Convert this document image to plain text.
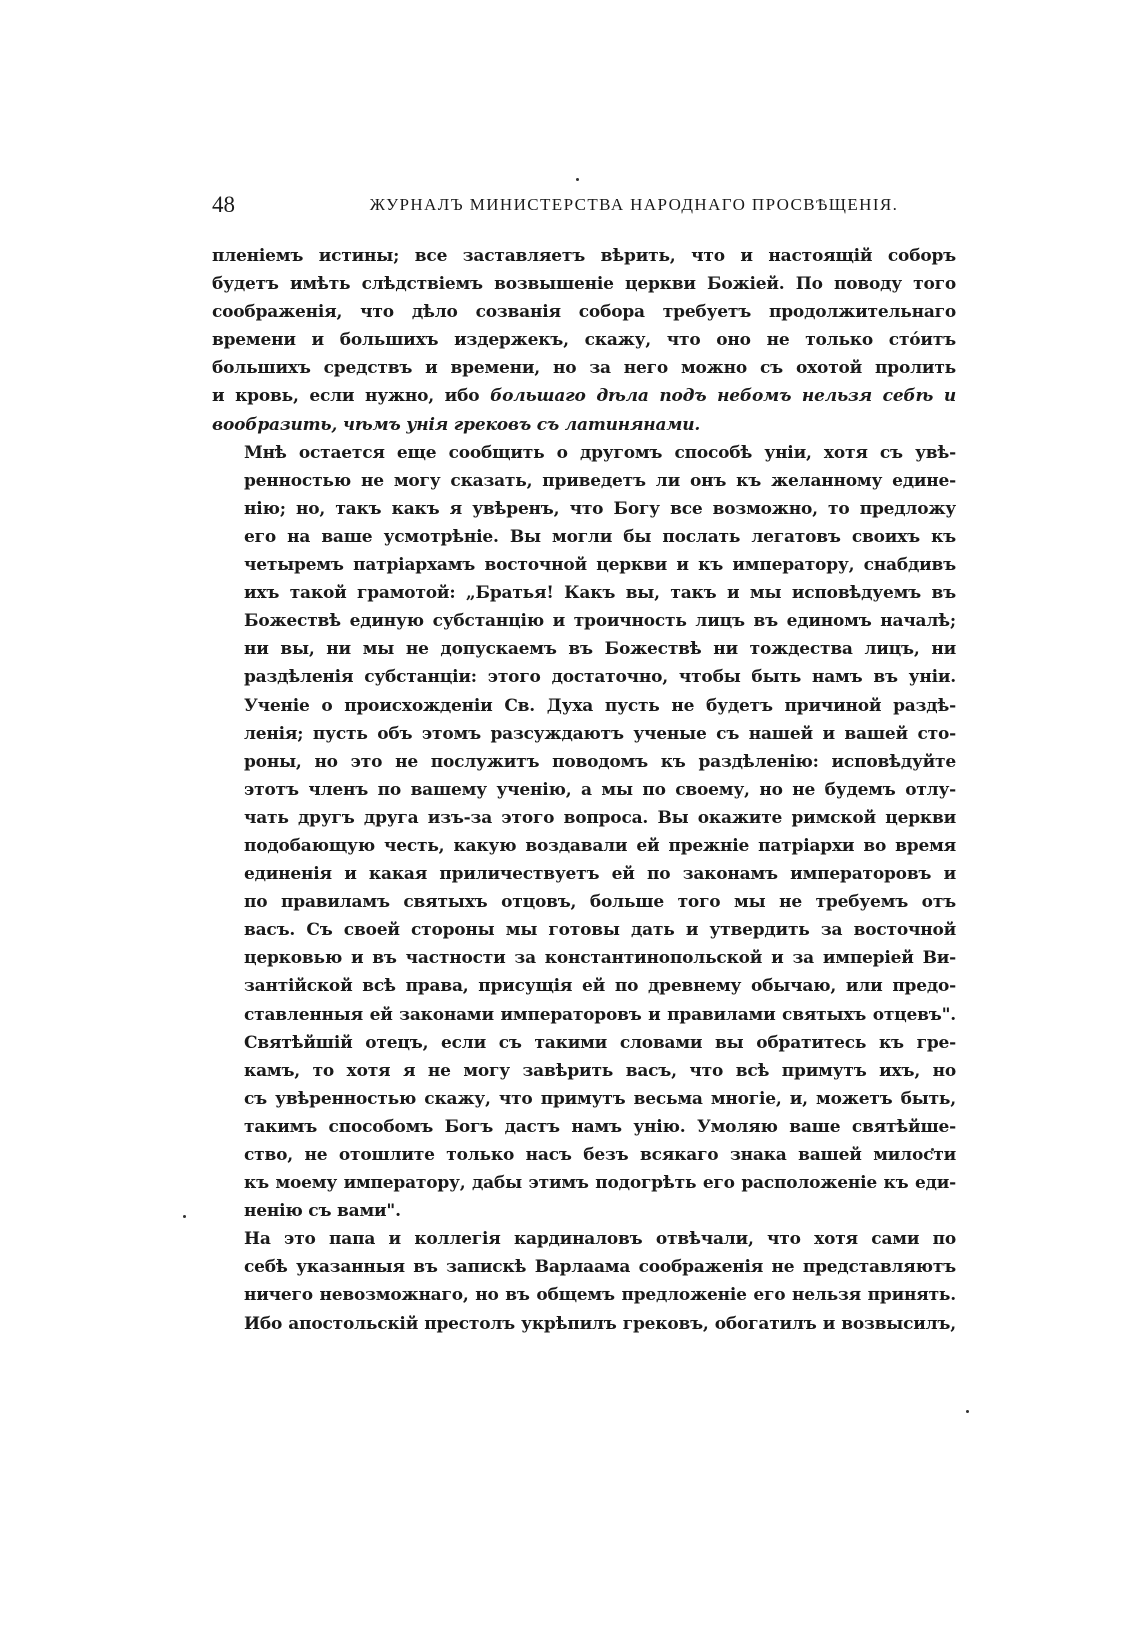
48	ЖУРНАЛЪ МИНИСТЕРСТВА НАРОДНАГО ПРОСВѢЩЕНІЯ.
пленіемъ истины; все заставляетъ вѣрить, что и настоящій соборъ
будетъ имѣть слѣдствіемъ возвышеніе церкви Божіей. По поводу того
соображенія, что дѣло созванія собора требуетъ продолжительнаго
времени и большихъ издержекъ, скажу, что оно не только стóитъ
большихъ средствъ и времени, но за него можно съ охотой пролить
и кровь, если нужно, ибо большаго дѣла подъ небомъ нельзя себѣ и
вообразить, чѣмъ унія грековъ съ латинянами.
Мнѣ остается еще сообщить о другомъ способѣ уніи, хотя съ увѣ-
ренностью не могу сказать, приведетъ ли онъ къ желанному едине-
нію; но, такъ какъ я увѣренъ, что Богу все возможно, то предложу
его на ваше усмотрѣніе. Вы могли бы послать легатовъ своихъ къ
четыремъ патріархамъ восточной церкви и къ императору, снабдивъ
ихъ такой грамотой: „Братья! Какъ вы, такъ и мы исповѣдуемъ въ
Божествѣ единую субстанцію и троичность лицъ въ единомъ началѣ;
ни вы, ни мы не допускаемъ въ Божествѣ ни тождества лицъ, ни
раздѣленія субстанціи: этого достаточно, чтобы быть намъ въ уніи.
Ученіе о происхожденіи Св. Духа пусть не будетъ причиной раздѣ-
ленія; пусть объ этомъ разсуждаютъ ученые съ нашей и вашей сто-
роны, но это не послужитъ поводомъ къ раздѣленію: исповѣдуйте
этотъ членъ по вашему ученію, а мы по своему, но не будемъ отлу-
чать другъ друга изъ-за этого вопроса. Вы окажите римской церкви
подобающую честь, какую воздавали ей прежніе патріархи во время
единенія и какая приличествуетъ ей по законамъ императоровъ и
по правиламъ святыхъ отцовъ, больше того мы не требуемъ отъ
васъ. Съ своей стороны мы готовы дать и утвердить за восточной
церковью и въ частности за константинопольской и за имперіей Ви-
зантійской всѣ права, присущія ей по древнему обычаю, или предо-
ставленныя ей законами императоровъ и правилами святыхъ отцевъ".
Святѣйшій отецъ, если съ такими словами вы обратитесь къ гре-
камъ, то хотя я не могу завѣрить васъ, что всѣ примутъ ихъ, но
съ увѣренностью скажу, что примутъ весьма многіе, и, можетъ быть,
такимъ способомъ Богъ дастъ намъ унію. Умоляю ваше святѣйше-
ство, не отошлите только насъ безъ всякаго знака вашей милости
къ моему императору, дабы этимъ подогрѣть его расположеніе къ еди-
ненію съ вами".
На это папа и коллегія кардиналовъ отвѣчали, что хотя сами по
себѣ указанныя въ запискѣ Варлаама соображенія не представляютъ
ничего невозможнаго, но въ общемъ предложеніе его нельзя принять.
Ибо апостольскій престолъ укрѣпилъ грековъ, обогатилъ и возвысилъ,
